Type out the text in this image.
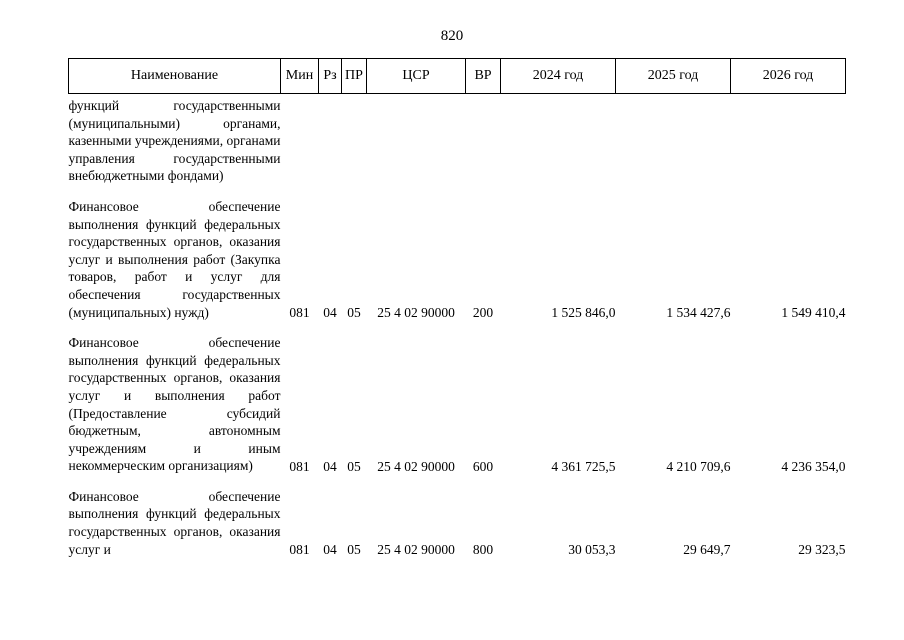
820
Наименование	Мин	Рз	ПР	ЦСР	ВР	2024 год	2025 год	2026 год
функций государственными (муниципальными) органами, казенными учреждениями, органами управления государственными внебюджетными фондами)								
Финансовое обеспечение выполнения функций федеральных государственных органов, оказания услуг и выполнения работ (Закупка товаров, работ и услуг для обеспечения государственных (муниципальных) нужд)	081	04	05	25 4 02 90000	200	1 525 846,0	1 534 427,6	1 549 410,4
Финансовое обеспечение выполнения функций федеральных государственных органов, оказания услуг и выполнения работ (Предоставление субсидий бюджетным, автономным учреждениям и иным некоммерческим организациям)	081	04	05	25 4 02 90000	600	4 361 725,5	4 210 709,6	4 236 354,0
Финансовое обеспечение выполнения функций федеральных государственных органов, оказания услуг и	081	04	05	25 4 02 90000	800	30 053,3	29 649,7	29 323,5
